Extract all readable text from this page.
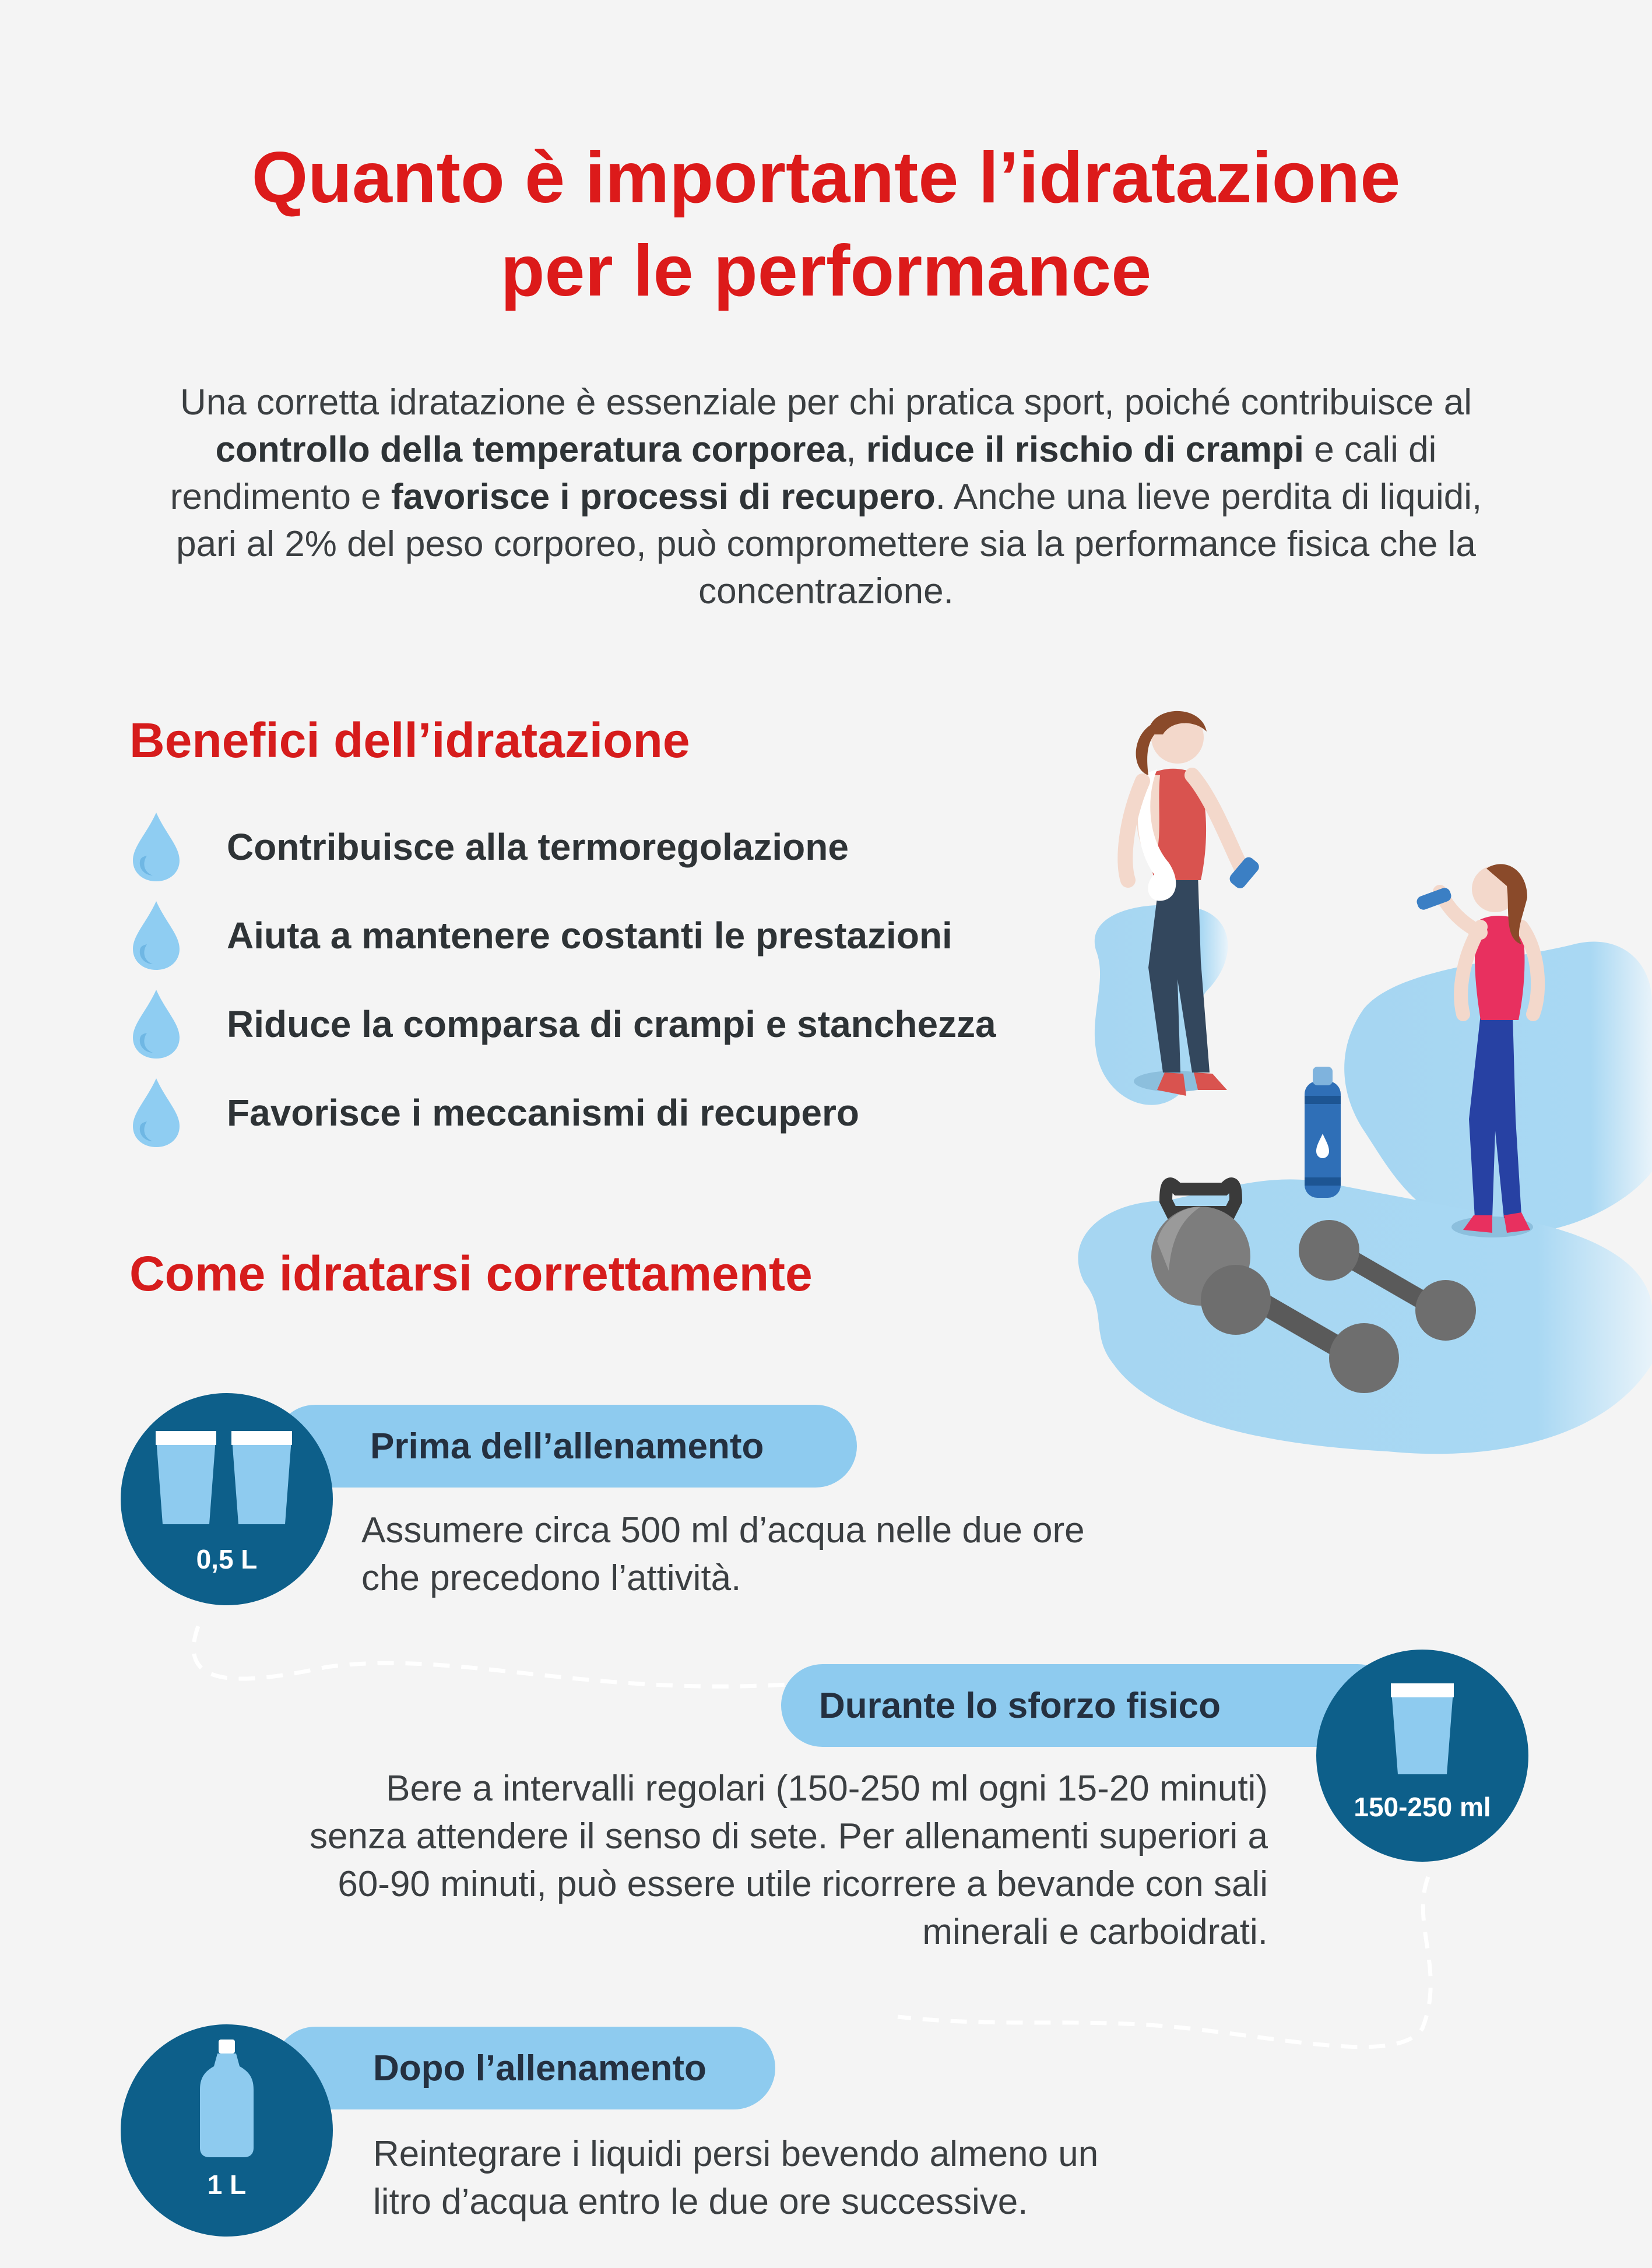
Quanto è importante l’idratazione
per le performance

Una corretta idratazione è essenziale per chi pratica sport, poiché contribuisce al controllo della temperatura corporea, riduce il rischio di crampi e cali di rendimento e favorisce i processi di recupero. Anche una lieve perdita di liquidi, pari al 2% del peso corporeo, può compromettere sia la performance fisica che la concentrazione.

Benefici dell’idratazione
Contribuisce alla termoregolazione
Aiuta a mantenere costanti le prestazioni
Riduce la comparsa di crampi e stanchezza
Favorisce i meccanismi di recupero
Come idratarsi correttamente
Prima dell’allenamento
0,5 L

Assumere circa 500 ml d’acqua nelle due ore
che precedono l’attività.

Durante lo sforzo fisico
150-250 ml

Bere a intervalli regolari (150-250 ml ogni 15-20 minuti)
senza attendere il senso di sete. Per allenamenti superiori a
60-90 minuti, può essere utile ricorrere a bevande con sali
minerali e carboidrati.

Dopo l’allenamento
1 L

Reintegrare i liquidi persi bevendo almeno un
litro d’acqua entro le due ore successive.
